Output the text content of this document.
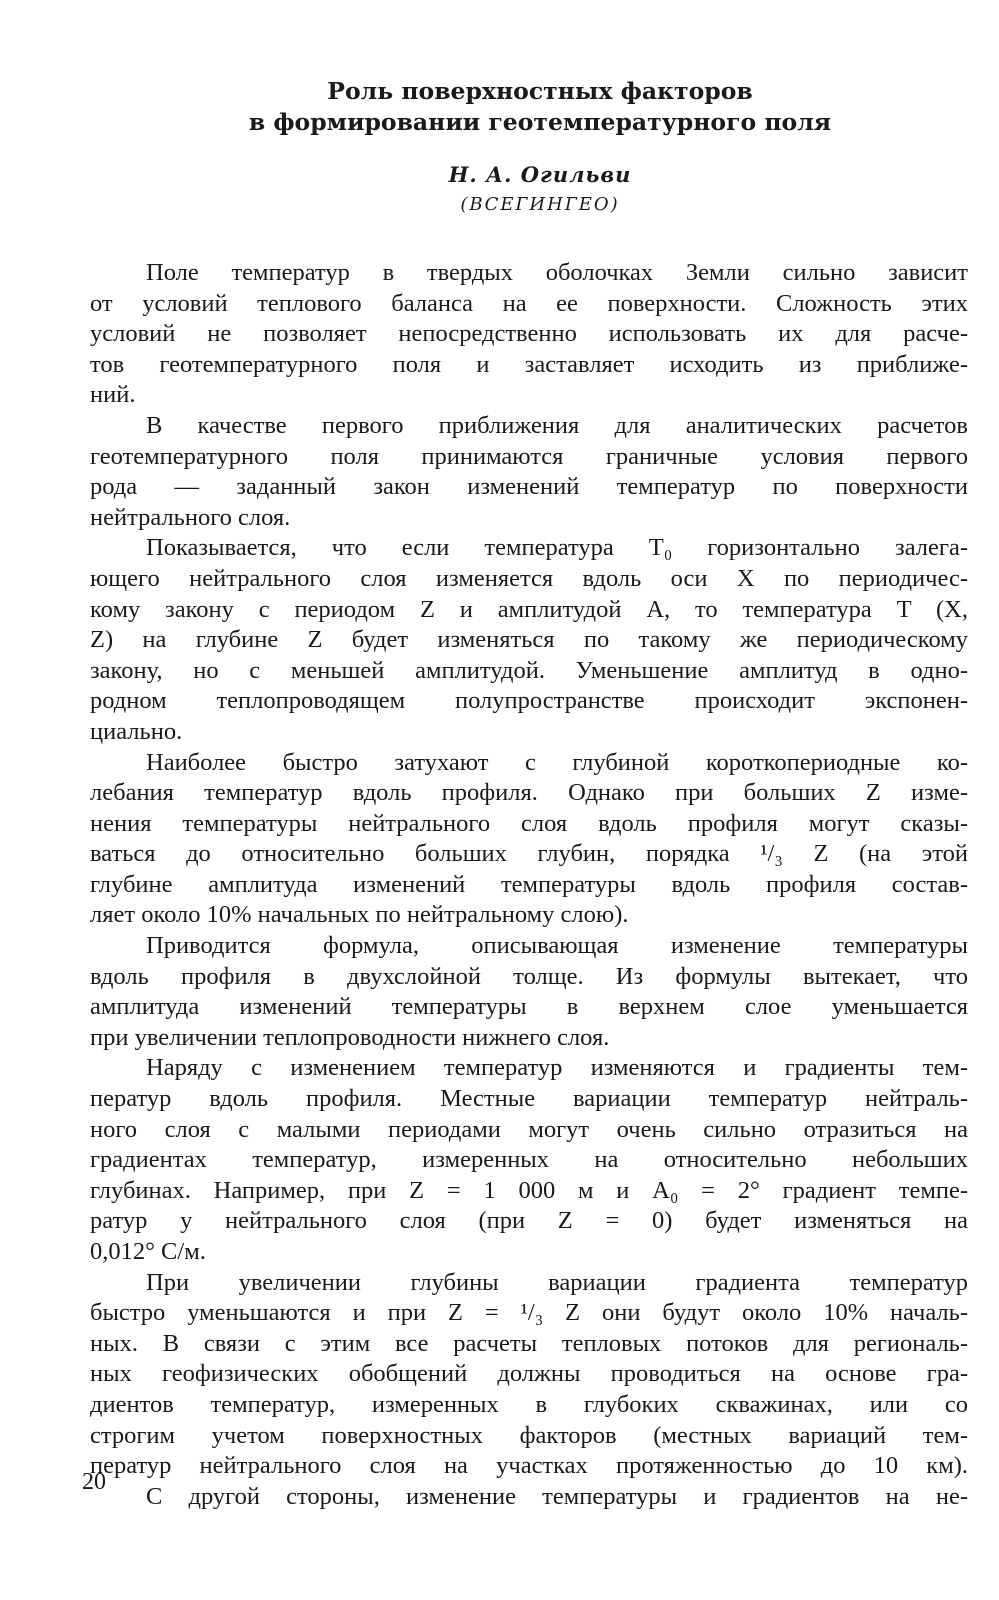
Роль поверхностных факторов
в формировании геотемпературного поля
Н. А. Огильви
(ВСЕГИНГЕО)
Поле температур в твердых оболочках Земли сильно зависит
от условий теплового баланса на ее поверхности. Сложность этих
условий не позволяет непосредственно использовать их для расче-
тов геотемпературного поля и заставляет исходить из приближе-
ний.
В качестве первого приближения для аналитических расчетов
геотемпературного поля принимаются граничные условия первого
рода — заданный закон изменений температур по поверхности
нейтрального слоя.
Показывается, что если температура T₀ горизонтально залега-
ющего нейтрального слоя изменяется вдоль оси X по периодичес-
кому закону с периодом Z и амплитудой A, то температура T (X,
Z) на глубине Z будет изменяться по такому же периодическому
закону, но с меньшей амплитудой. Уменьшение амплитуд в одно-
родном теплопроводящем полупространстве происходит экспонен-
циально.
Наиболее быстро затухают с глубиной короткопериодные ко-
лебания температур вдоль профиля. Однако при больших Z изме-
нения температуры нейтрального слоя вдоль профиля могут сказы-
ваться до относительно больших глубин, порядка ¹/₃ Z (на этой
глубине амплитуда изменений температуры вдоль профиля состав-
ляет около 10% начальных по нейтральному слою).
Приводится формула, описывающая изменение температуры
вдоль профиля в двухслойной толще. Из формулы вытекает, что
амплитуда изменений температуры в верхнем слое уменьшается
при увеличении теплопроводности нижнего слоя.
Наряду с изменением температур изменяются и градиенты тем-
ператур вдоль профиля. Местные вариации температур нейтраль-
ного слоя с малыми периодами могут очень сильно отразиться на
градиентах температур, измеренных на относительно небольших
глубинах. Например, при Z = 1 000 м и A₀ = 2° градиент темпе-
ратур у нейтрального слоя (при Z = 0) будет изменяться на
0,012° С/м.
При увеличении глубины вариации градиента температур
быстро уменьшаются и при Z = ¹/₃ Z они будут около 10% началь-
ных. В связи с этим все расчеты тепловых потоков для региональ-
ных геофизических обобщений должны проводиться на основе гра-
диентов температур, измеренных в глубоких скважинах, или со
строгим учетом поверхностных факторов (местных вариаций тем-
ператур нейтрального слоя на участках протяженностью до 10 км).
С другой стороны, изменение температуры и градиентов на не-
20
